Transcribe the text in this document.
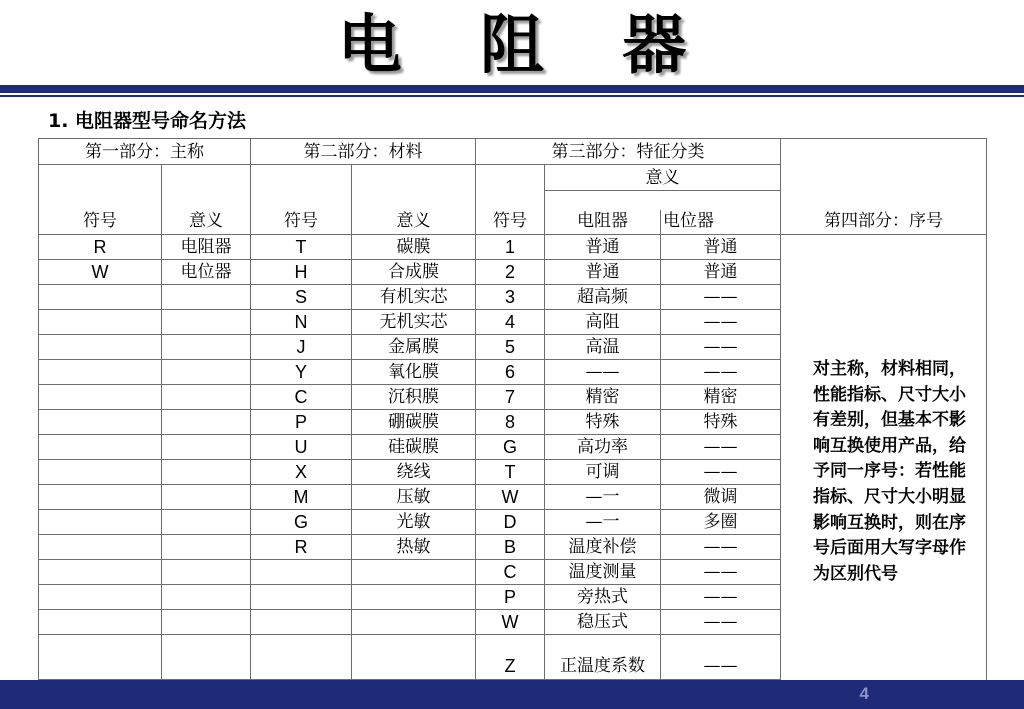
电 阻 器
1. 电阻器型号命名方法
第一部分：主称		第二部分：材料		第三部分：特征分类			第四部分：序号
符号	意义	符号	意义	符号	意义		

					电阻器	电位器	
R	电阻器	T	碳膜	1	普通	普通	对主称，材料相同，性能指标、尺寸大小有差别，但基本不影响互换使用产品，给予同一序号：若性能指标、尺寸大小明显影响互换时，则在序号后面用大写字母作为区别代号

W	电位器	H	合成膜	2	普通	普通	
		S	有机实芯	3	超高频	——	
		N	无机实芯	4	高阻	——	
		J	金属膜	5	高温	——	
		Y	氧化膜	6	——	——	
		C	沉积膜	7	精密	精密	
		P	硼碳膜	8	特殊	特殊	
		U	硅碳膜	G	高功率	——	
		X	绕线	T	可调	——	
		M	压敏	W	—一	微调	
		G	光敏	D	—一	多圈	
		R	热敏	B	温度补偿	——	
				C	温度测量	——	
				P	旁热式	——	
				W	稳压式	——	
				Z	正温度系数	——	
4
